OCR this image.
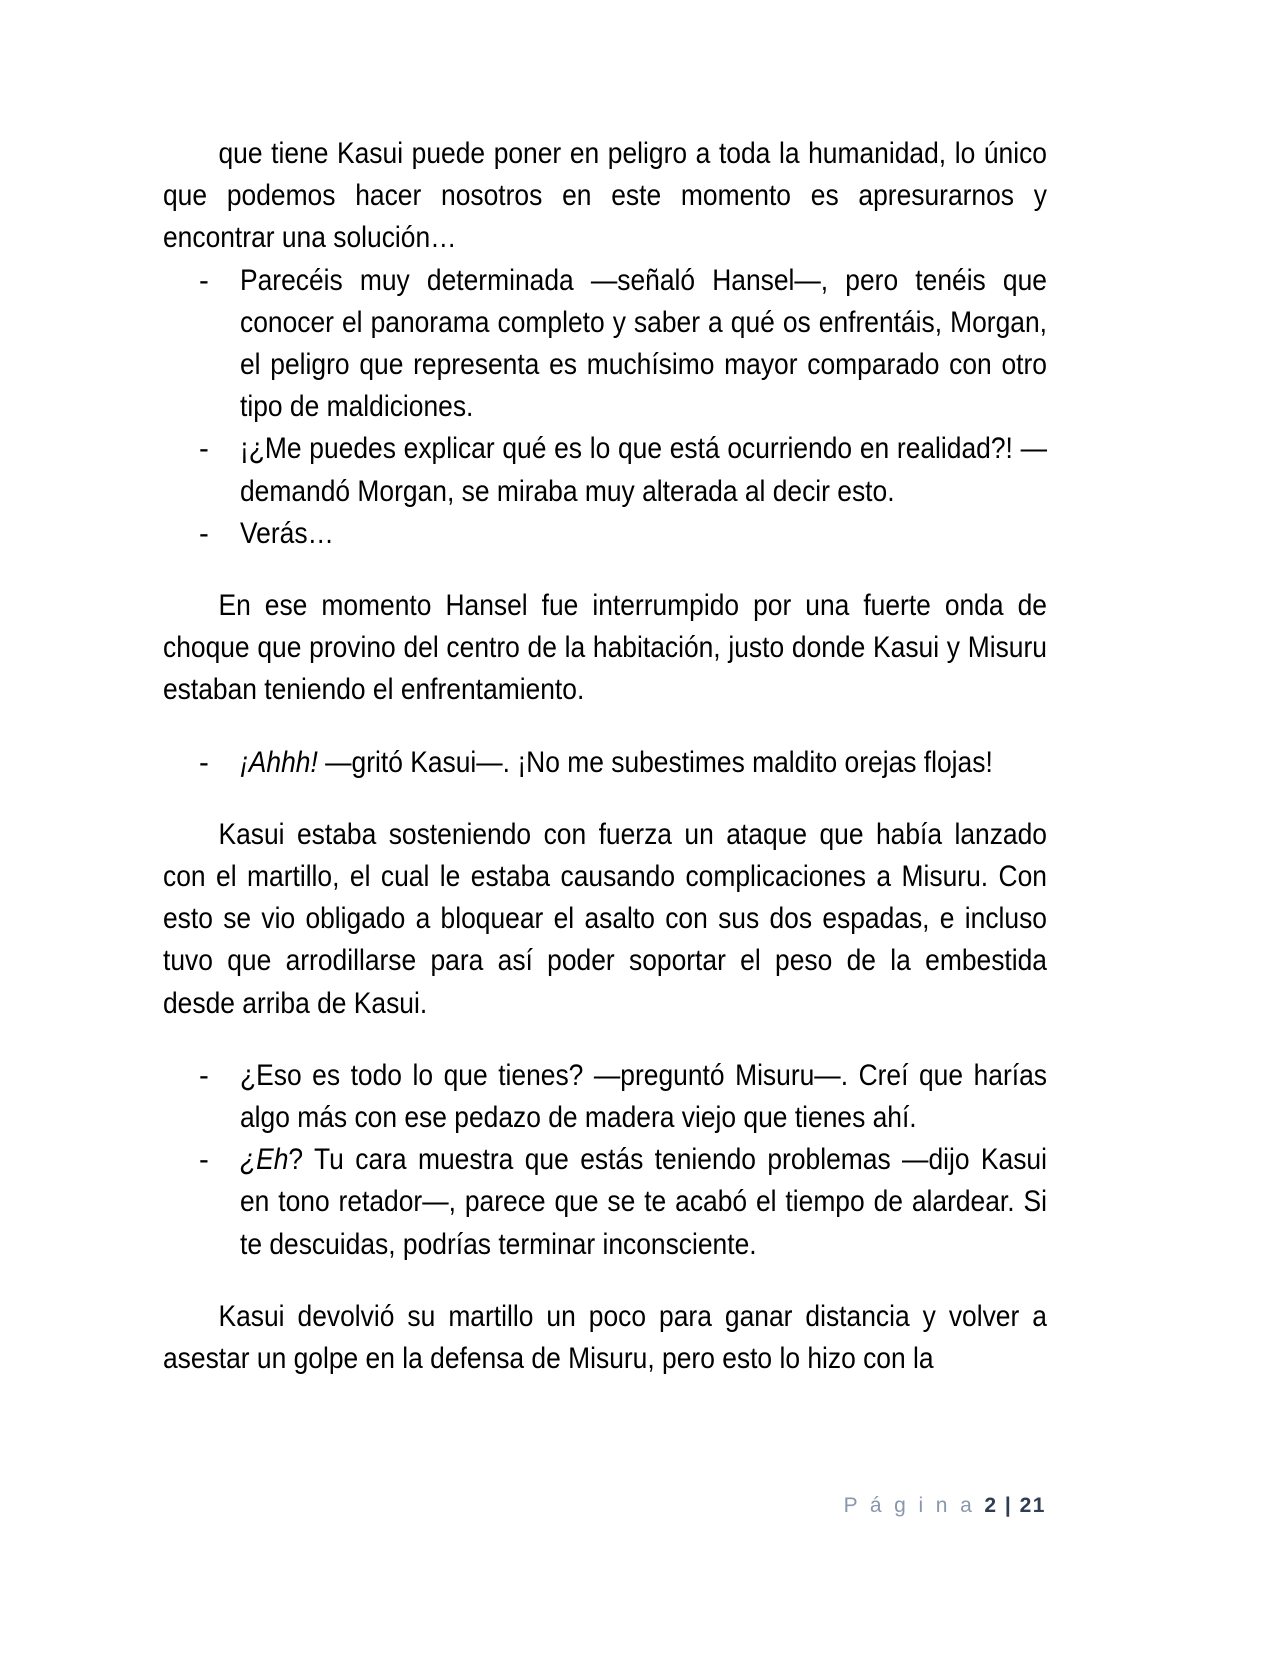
que tiene Kasui puede poner en peligro a toda la humanidad, lo único que podemos hacer nosotros en este momento es apresurarnos y encontrar una solución…

- Parecéis muy determinada —señaló Hansel—, pero tenéis que conocer el panorama completo y saber a qué os enfrentáis, Morgan, el peligro que representa es muchísimo mayor comparado con otro tipo de maldiciones.
- ¡¿Me puedes explicar qué es lo que está ocurriendo en realidad?! —demandó Morgan, se miraba muy alterada al decir esto.
- Verás…

En ese momento Hansel fue interrumpido por una fuerte onda de choque que provino del centro de la habitación, justo donde Kasui y Misuru estaban teniendo el enfrentamiento.

- ¡Ahhh! —gritó Kasui—. ¡No me subestimes maldito orejas flojas!

Kasui estaba sosteniendo con fuerza un ataque que había lanzado con el martillo, el cual le estaba causando complicaciones a Misuru. Con esto se vio obligado a bloquear el asalto con sus dos espadas, e incluso tuvo que arrodillarse para así poder soportar el peso de la embestida desde arriba de Kasui.

- ¿Eso es todo lo que tienes? —preguntó Misuru—. Creí que harías algo más con ese pedazo de madera viejo que tienes ahí.
- ¿Eh? Tu cara muestra que estás teniendo problemas —dijo Kasui en tono retador—, parece que se te acabó el tiempo de alardear. Si te descuidas, podrías terminar inconsciente.

Kasui devolvió su martillo un poco para ganar distancia y volver a asestar un golpe en la defensa de Misuru, pero esto lo hizo con la

P á g i n a 2 | 21
